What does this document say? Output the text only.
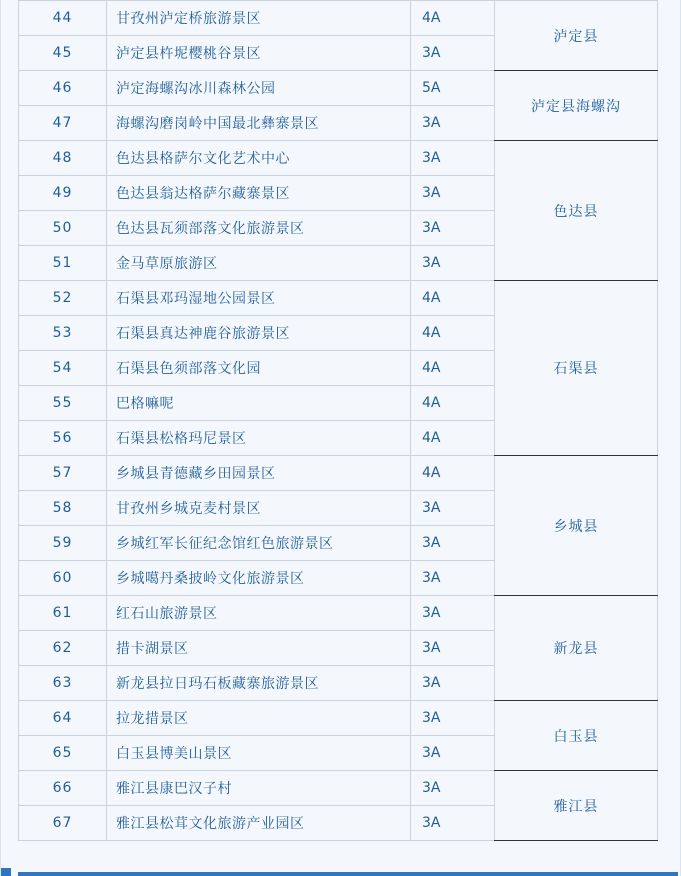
44	甘孜州泸定桥旅游景区	4A	泸定县
45	泸定县杵坭樱桃谷景区	3A	
46	泸定海螺沟冰川森林公园	5A	泸定县海螺沟
47	海螺沟磨岗岭中国最北彝寨景区	3A	
48	色达县格萨尔文化艺术中心	3A	色达县
49	色达县翁达格萨尔藏寨景区	3A	
50	色达县瓦须部落文化旅游景区	3A	
51	金马草原旅游区	3A	
52	石渠县邓玛湿地公园景区	4A	石渠县
53	石渠县真达神鹿谷旅游景区	4A	
54	石渠县色须部落文化园	4A	
55	巴格嘛呢	4A	
56	石渠县松格玛尼景区	4A	
57	乡城县青德藏乡田园景区	4A	乡城县
58	甘孜州乡城克麦村景区	3A	
59	乡城红军长征纪念馆红色旅游景区	3A	
60	乡城噶丹桑披岭文化旅游景区	3A	
61	红石山旅游景区	3A	新龙县
62	措卡湖景区	3A	
63	新龙县拉日玛石板藏寨旅游景区	3A	
64	拉龙措景区	3A	白玉县
65	白玉县博美山景区	3A	
66	雅江县康巴汉子村	3A	雅江县
67	雅江县松茸文化旅游产业园区	3A	
